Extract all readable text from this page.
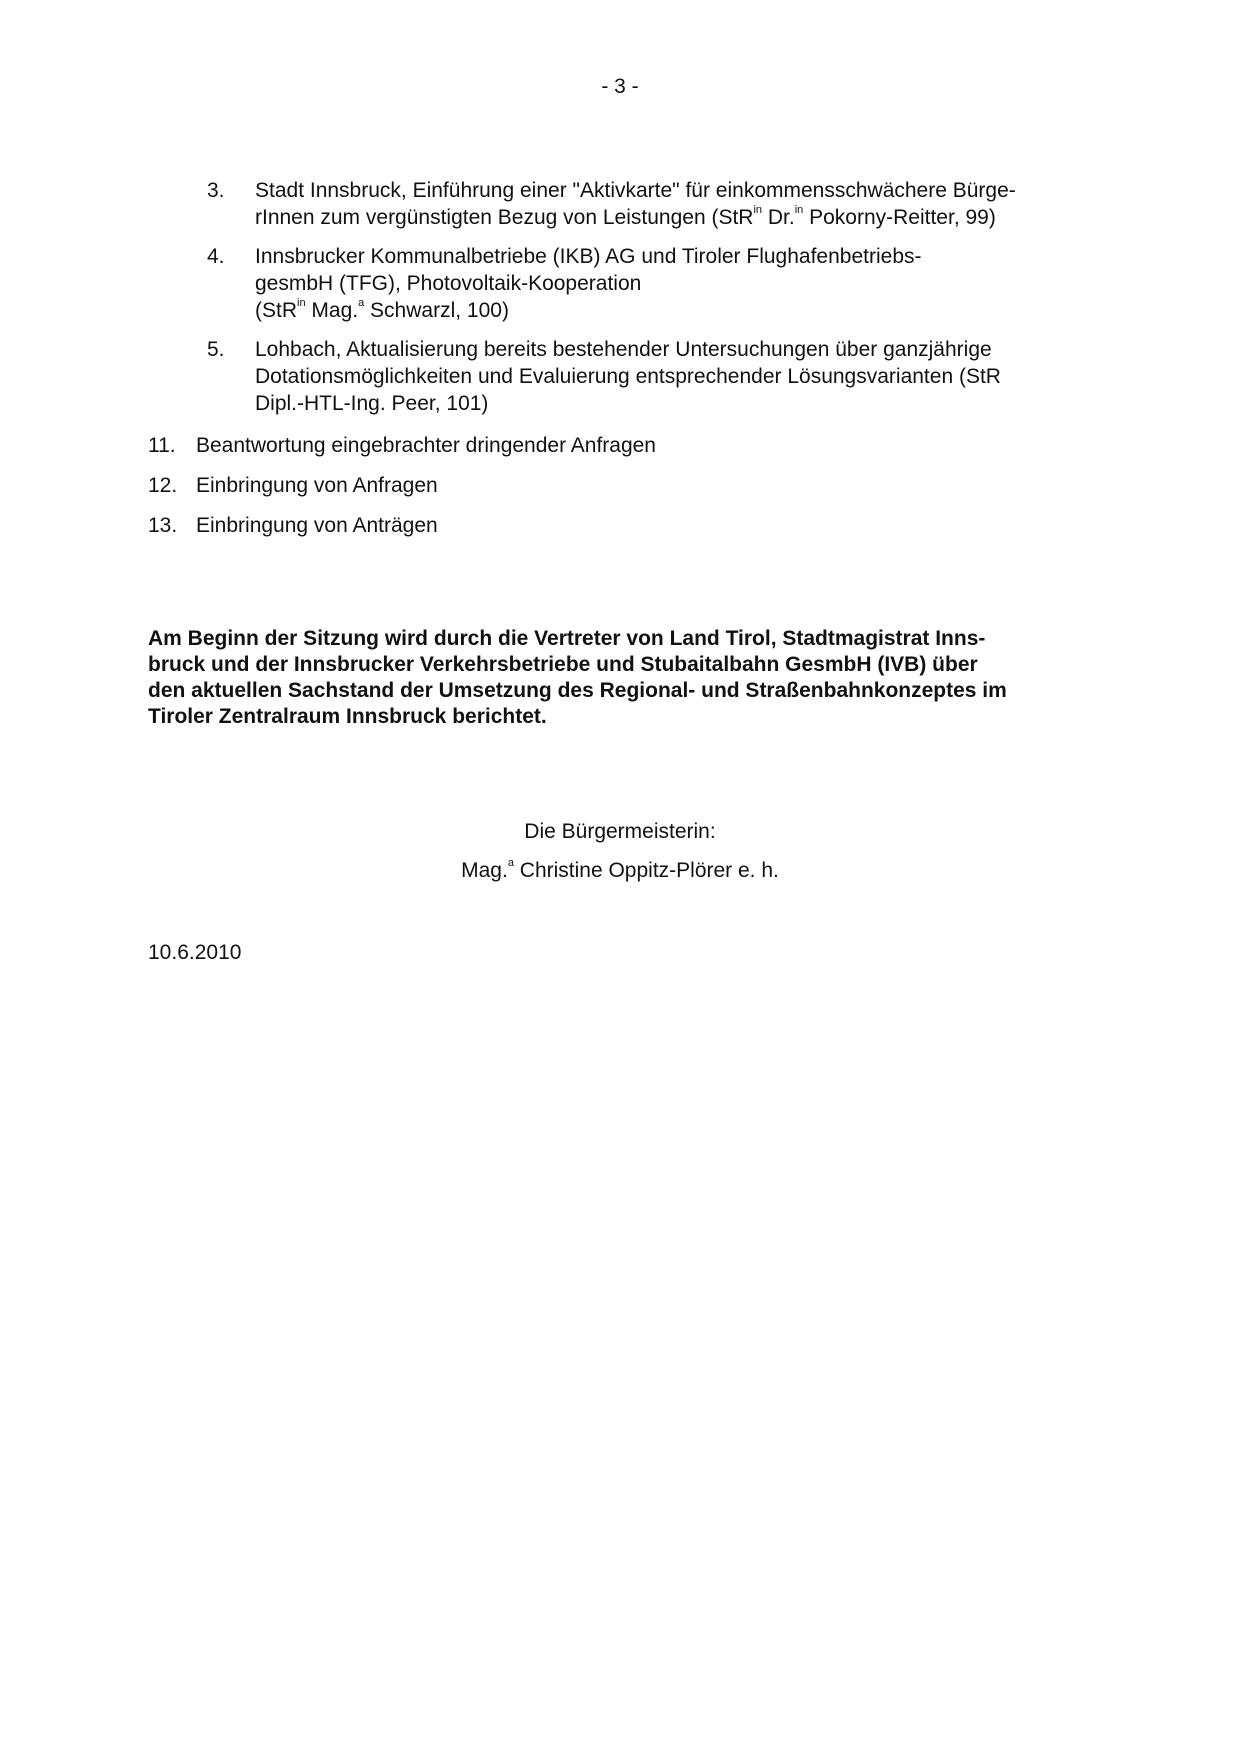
- 3 -
3.	Stadt Innsbruck, Einführung einer "Aktivkarte" für einkommensschwächere Bürge-
rInnen zum vergünstigten Bezug von Leistungen (StR$^{in}$ Dr.$^{in}$ Pokorny-Reitter, 99)
4.	Innsbrucker Kommunalbetriebe (IKB) AG und Tiroler Flughafenbetriebs-
gesmbH (TFG), Photovoltaik-Kooperation
(StR$^{in}$ Mag.$^a$ Schwarzl, 100)
5.	Lohbach, Aktualisierung bereits bestehender Untersuchungen über ganzjährige
Dotationsmöglichkeiten und Evaluierung entsprechender Lösungsvarianten (StR
Dipl.-HTL-Ing. Peer, 101)
11. Beantwortung eingebrachter dringender Anfragen
12. Einbringung von Anfragen
13. Einbringung von Anträgen
Am Beginn der Sitzung wird durch die Vertreter von Land Tirol, Stadtmagistrat Inns-
bruck und der Innsbrucker Verkehrsbetriebe und Stubaitalbahn GesmbH (IVB) über
den aktuellen Sachstand der Umsetzung des Regional- und Straßenbahnkonzeptes im
Tiroler Zentralraum Innsbruck berichtet.
Die Bürgermeisterin:
Mag.$^a$ Christine Oppitz-Plörer e. h.
10.6.2010
